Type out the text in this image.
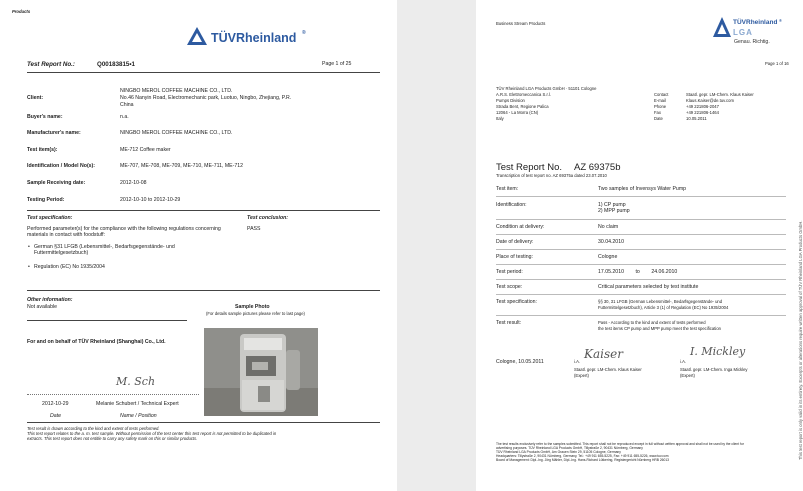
Products
TÜVRheinland ®
Test Report No.:	Q00183815•1	Page 1 of 25
Client:
NINGBO MEROL COFFEE MACHINE CO., LTD.
No.46 Nanyin Road, Electromechanic park, Luotuo, Ningbo, Zhejiang, P.R.
China
Buyer's name:	n.a.
Manufacturer's name:	NINGBO MEROL COFFEE MACHINE CO., LTD.
Test item(s):	ME-712 Coffee maker
Identification / Model No(s):	ME-707, ME-708, ME-709, ME-710, ME-711, ME-712
Sample Receiving date:	2012-10-08
Testing Period:	2012-10-10 to 2012-10-29
Test specification:
Performed parameter(s) for the compliance with the following regulations concerning
materials in contact with foodstuff:
• German §31 LFGB (Lebensmittel-, Bedarfsgegenstände- und
Futtermittelgesetzbuch)
• Regulation (EC) No 1935/2004
Test conclusion:
PASS
Other information:
Not available	Sample Photo
(For details sample pictures please refer to last page)
For and on behalf of TÜV Rheinland (Shanghai) Co., Ltd.
M. Sch
2012-10-29	Melanie Schubert / Technical Expert
Date	Name / Position
Test result is drawn according to the kind and extent of tests performed.
This test report relates to the a. m. test sample. Without permission of the test center this test report is not permitted to be duplicated in
extracts. This test report does not entitle to carry any safety mark on this or similar products.
Business Stream Products	TÜVRheinland ®
LGA
Genau. Richtig.
Page 1 of 16
TÜV Rheinland LGA Products GmbH · 51101 Cologne
A.R.S. Elettromeccanica S.r.l.
Pumps Division
Strada Bent, Regione Palica
12064 - La Morra (CN)
Italy
Contact	Staatl. gepr. LM-Chem. Klaus Kaiser
E-mail	Klaus.Kaiser@de.tuv.com
Phone	+49 221806-2047
Fax	+49 221806-1464
Date	10.05.2011
Test Report No. AZ 69375b
Transcription of test report no. AZ 69375a dated 23.07.2010
Test item:	Two samples of Invensys Water Pump
Identification:	1) CP pump
2) MPP pump
Condition at delivery:	No claim
Date of delivery:	30.04.2010
Place of testing:	Cologne
Test period:	17.05.2010        to        24.06.2010
Test scope:	Critical parameters selected by test institute
Test specification:	§§ 30, 31 LFGB (German Lebensmittel-, Bedarfsgegenstände- und
Futtermittelgesetzbuch), Article 3 (1) of Regulation (EC) No 1935/2004
Test result:	Pass - According to the kind and extent of tests performed
the test items CP pump and MPP pump meet the test specification
Cologne, 10.05.2011	i.A.
Kaiser
Staatl. gepr. LM-Chem. Klaus Kaiser
(Expert)
i.A.
I. Mickley
Staatl. gepr. LM-Chem. Inga Mickley
(Expert)	This test report is only valid in its entirety. Excerpts or alterations require written approval of TÜV Rheinland LGA Products GmbH.
The test results exclusively refer to the samples submitted. This report shall not be reproduced except in full without written approval and shall not be used by the client for
advertising purposes. TÜV Rheinland LGA Products GmbH, Tillystraße 2, 90431 Nürnberg, Germany
TÜV Rheinland LGA Products GmbH, Am Grauen Stein 29, 51105 Cologne, Germany
Headquarters: Tillystraße 2, 90431 Nürnberg, Germany, Tel.: +49 911 655-5225, Fax: +49 911 655-5226, www.tuv.com
Board of Management: Dipl.-Ing. Jörg Mähler, Dipl.-Ing. Hans-Richard Lütkering, Registergericht Nürnberg HRB 26013
